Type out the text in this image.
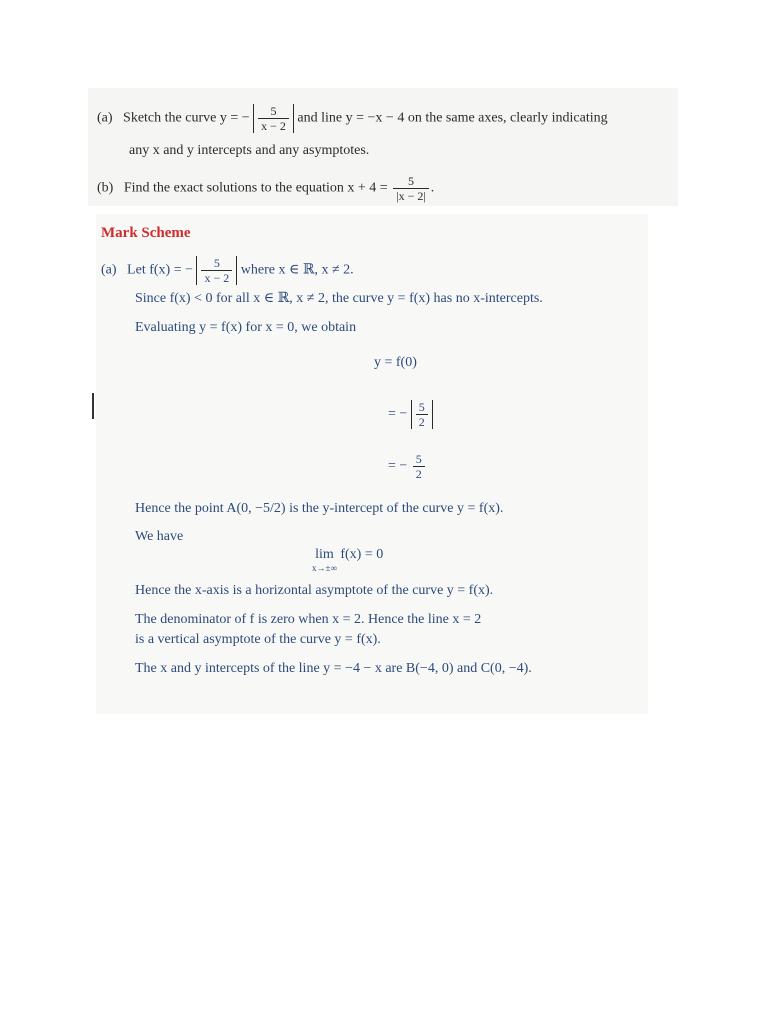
(a) Sketch the curve y = − $\frac{5}{x - 2}$ and line y = −x − 4 on the same axes, clearly indicating
any x and y intercepts and any asymptotes.
(b) Find the exact solutions to the equation $x + 4 = \frac{5}{|x - 2|}$ .
Mark Scheme
(a) Let f(x) = − $\frac{5}{x - 2}$ where x ∈ ℝ, x ≠ 2.
Since f(x) < 0 for all x ∈ ℝ, x ≠ 2, the curve y = f(x) has no x-intercepts.
Evaluating y = f(x) for x = 0, we obtain
y = f(0)
= − $\frac{5}{2}$
= − $\frac{5}{2}$
Hence the point A(0, −5/2) is the y-intercept of the curve y = f(x).
We have
lim
x→±∞
f(x) = 0
Hence the x-axis is a horizontal asymptote of the curve y = f(x).
The denominator of f is zero when x = 2. Hence the line x = 2
is a vertical asymptote of the curve y = f(x).
The x and y intercepts of the line y = −4 − x are B(−4, 0) and C(0, −4).
